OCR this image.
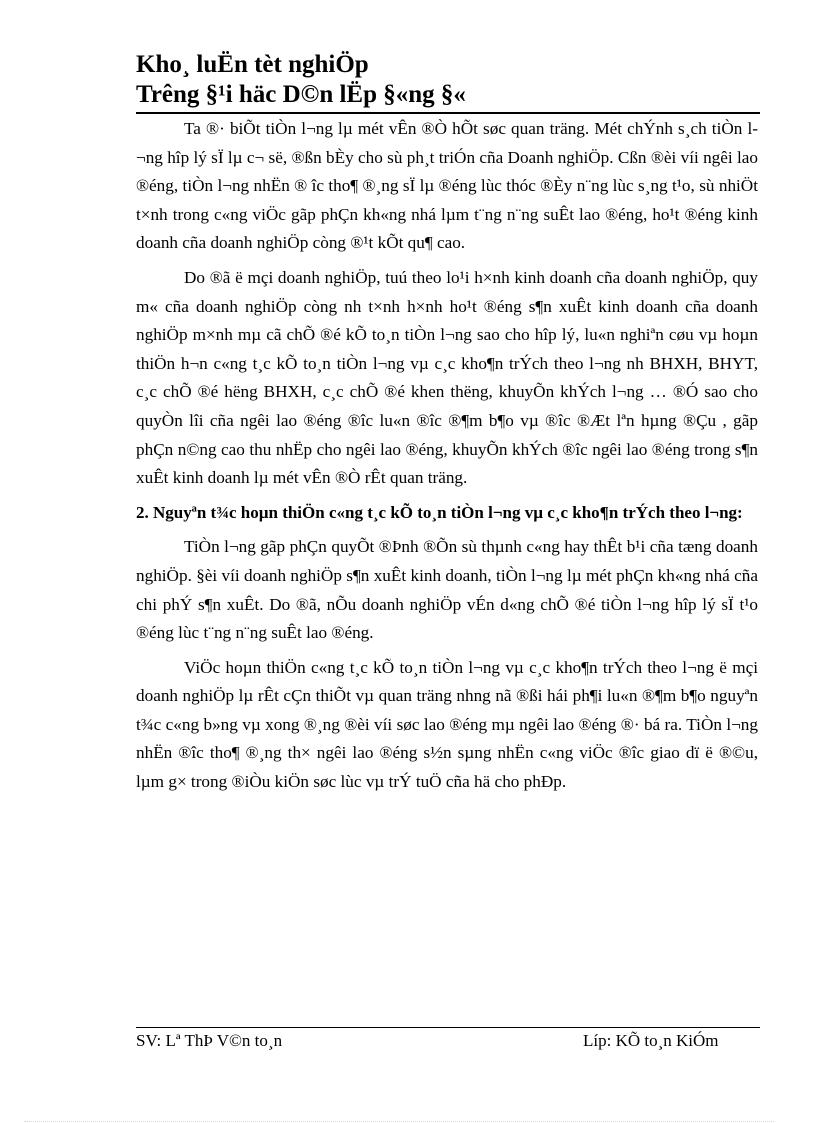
Kho¸ luËn tèt nghiÖp
Trêng §¹i häc D©n lËp §«ng §«

Ta ®· biÕt tiÒn l¬ng lµ mét vÊn ®Ò hÕt søc quan träng. Mét chÝnh s¸ch tiÒn l¬ng hîp lý sÏ lµ c¬ së, ®ßn bÈy cho sù ph¸t triÓn cña Doanh nghiÖp. Cßn ®èi víi ngêi lao ®éng, tiÒn l¬ng nhËn ® îc tho¶ ®¸ng sÏ lµ ®éng lùc thóc ®Èy n¨ng lùc s¸ng t¹o, sù nhiÖt t×nh trong c«ng viÖc gãp phÇn kh«ng nhá lµm t¨ng n¨ng suÊt lao ®éng, ho¹t ®éng kinh doanh cña doanh nghiÖp còng ®¹t kÕt qu¶ cao.

Do ®ã ë mçi doanh nghiÖp, tuú theo lo¹i h×nh kinh doanh cña doanh nghiÖp, quy m« cña doanh nghiÖp còng nh t×nh h×nh ho¹t ®éng s¶n xuÊt kinh doanh cña doanh nghiÖp m×nh mµ cã chÕ ®é kÕ to¸n tiÒn l¬ng sao cho hîp lý, lu«n nghiªn cøu vµ hoµn thiÖn h¬n c«ng t¸c kÕ to¸n tiÒn l¬ng vµ c¸c kho¶n trÝch theo l¬ng nh BHXH, BHYT, c¸c chÕ ®é hëng BHXH, c¸c chÕ ®é khen thëng, khuyÕn khÝch l¬ng … ®Ó sao cho quyÒn lîi cña ngêi lao ®éng ®îc lu«n ®îc ®¶m b¶o vµ ®îc ®Æt lªn hµng ®Çu , gãp phÇn n©ng cao thu nhËp cho ngêi lao ®éng, khuyÕn khÝch ®îc ngêi lao ®éng trong s¶n xuÊt kinh doanh lµ mét vÊn ®Ò rÊt quan träng.

2. Nguyªn t¾c hoµn thiÖn c«ng t¸c kÕ to¸n tiÒn l¬ng vµ c¸c kho¶n trÝch theo l¬ng:

TiÒn l¬ng gãp phÇn quyÕt ®Þnh ®Õn sù thµnh c«ng hay thÊt b¹i cña tæng doanh nghiÖp. §èi víi doanh nghiÖp s¶n xuÊt kinh doanh, tiÒn l¬ng lµ mét phÇn kh«ng nhá cña chi phÝ s¶n xuÊt. Do ®ã, nÕu doanh nghiÖp vÉn d«ng chÕ ®é tiÒn l¬ng hîp lý sÏ t¹o ®éng lùc t¨ng n¨ng suÊt lao ®éng.

ViÖc hoµn thiÖn c«ng t¸c kÕ to¸n tiÒn l¬ng vµ c¸c kho¶n trÝch theo l¬ng ë mçi doanh nghiÖp lµ rÊt cÇn thiÕt vµ quan träng nhng nã ®ßi hái ph¶i lu«n ®¶m b¶o nguyªn t¾c c«ng b»ng vµ xong ®¸ng ®èi víi søc lao ®éng mµ ngêi lao ®éng ®· bá ra. TiÒn l¬ng nhËn ®îc tho¶ ®¸ng th× ngêi lao ®éng s½n sµng nhËn c«ng viÖc ®îc giao dï ë ®©u, lµm g× trong ®iÒu kiÖn søc lùc vµ trÝ tuÖ cña hä cho phÐp.

SV: Lª ThÞ V©n to¸n	Líp: KÕ to¸n KiÓm
